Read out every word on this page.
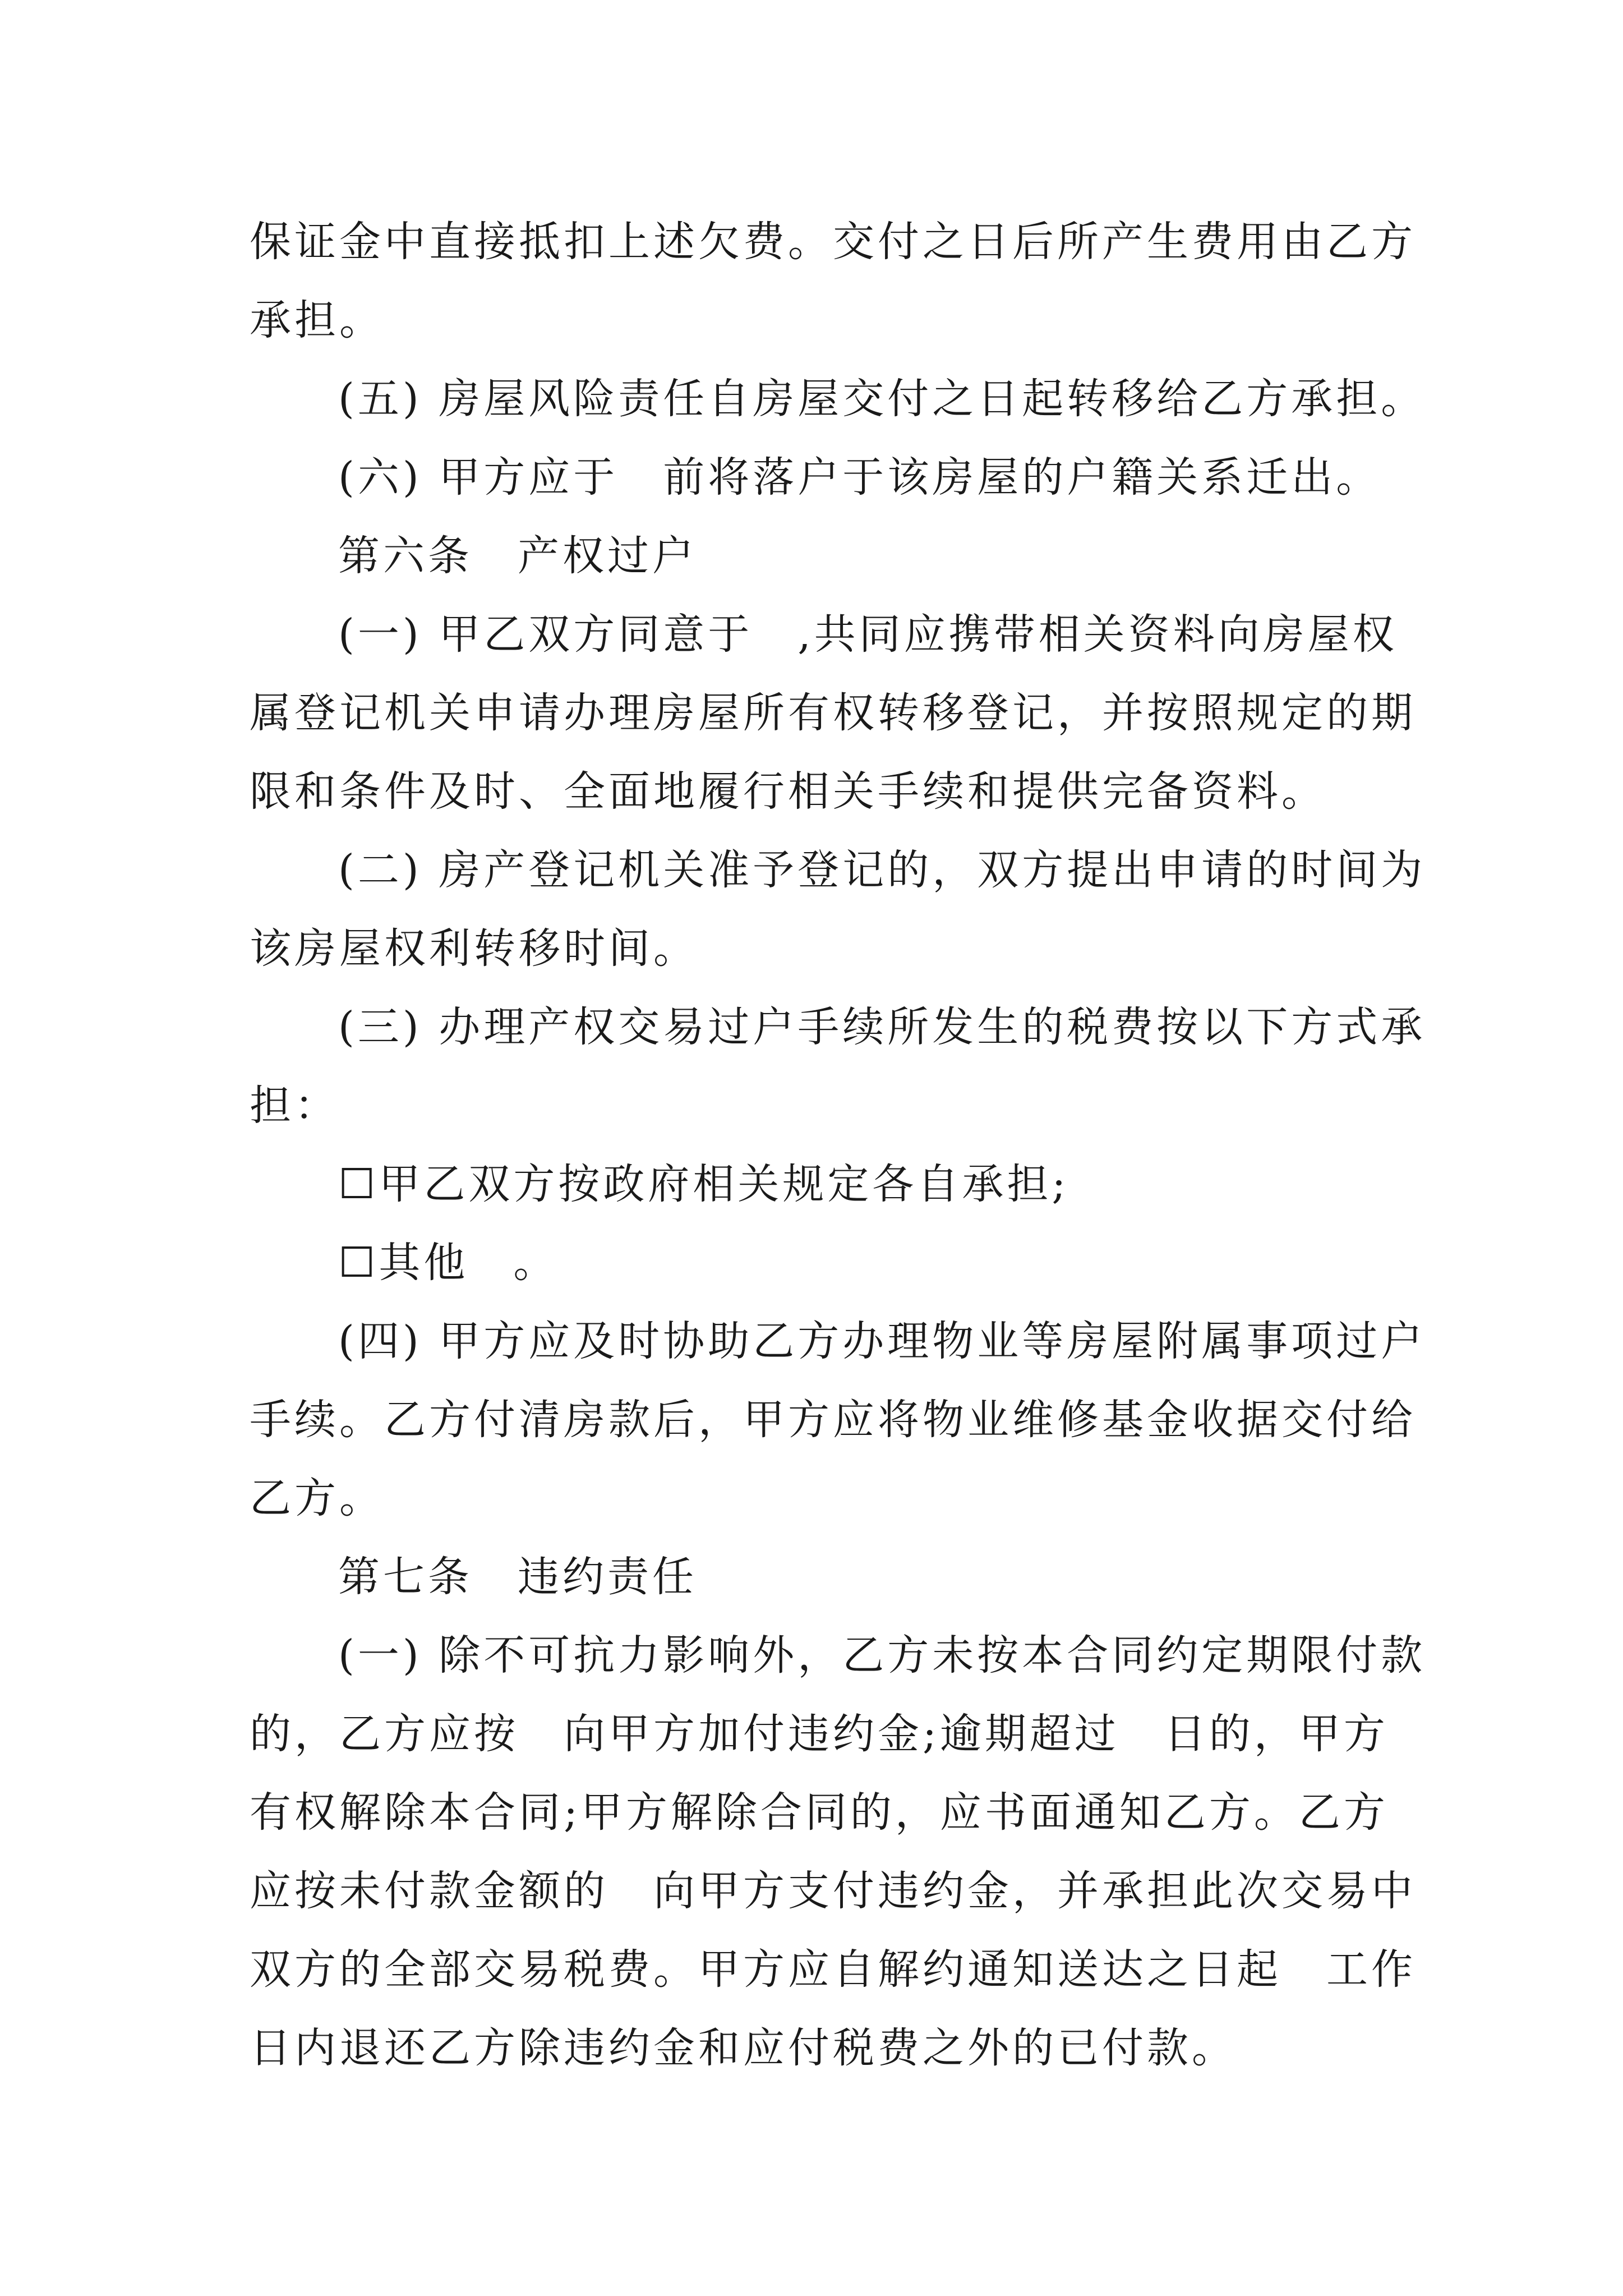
保证金中直接抵扣上述欠费。交付之日后所产生费用由乙方
承担。
(五) 房屋风险责任自房屋交付之日起转移给乙方承担。
(六) 甲方应于　前将落户于该房屋的户籍关系迁出。
第六条　产权过户
(一) 甲乙双方同意于　,共同应携带相关资料向房屋权
属登记机关申请办理房屋所有权转移登记，并按照规定的期
限和条件及时、全面地履行相关手续和提供完备资料。
(二) 房产登记机关准予登记的，双方提出申请的时间为
该房屋权利转移时间。
(三) 办理产权交易过户手续所发生的税费按以下方式承
担：
☐甲乙双方按政府相关规定各自承担;
☐其他　。
(四) 甲方应及时协助乙方办理物业等房屋附属事项过户
手续。乙方付清房款后，甲方应将物业维修基金收据交付给
乙方。
第七条　违约责任
(一) 除不可抗力影响外，乙方未按本合同约定期限付款
的，乙方应按　向甲方加付违约金;逾期超过　日的，甲方
有权解除本合同;甲方解除合同的，应书面通知乙方。乙方
应按未付款金额的　向甲方支付违约金，并承担此次交易中
双方的全部交易税费。甲方应自解约通知送达之日起　工作
日内退还乙方除违约金和应付税费之外的已付款。
